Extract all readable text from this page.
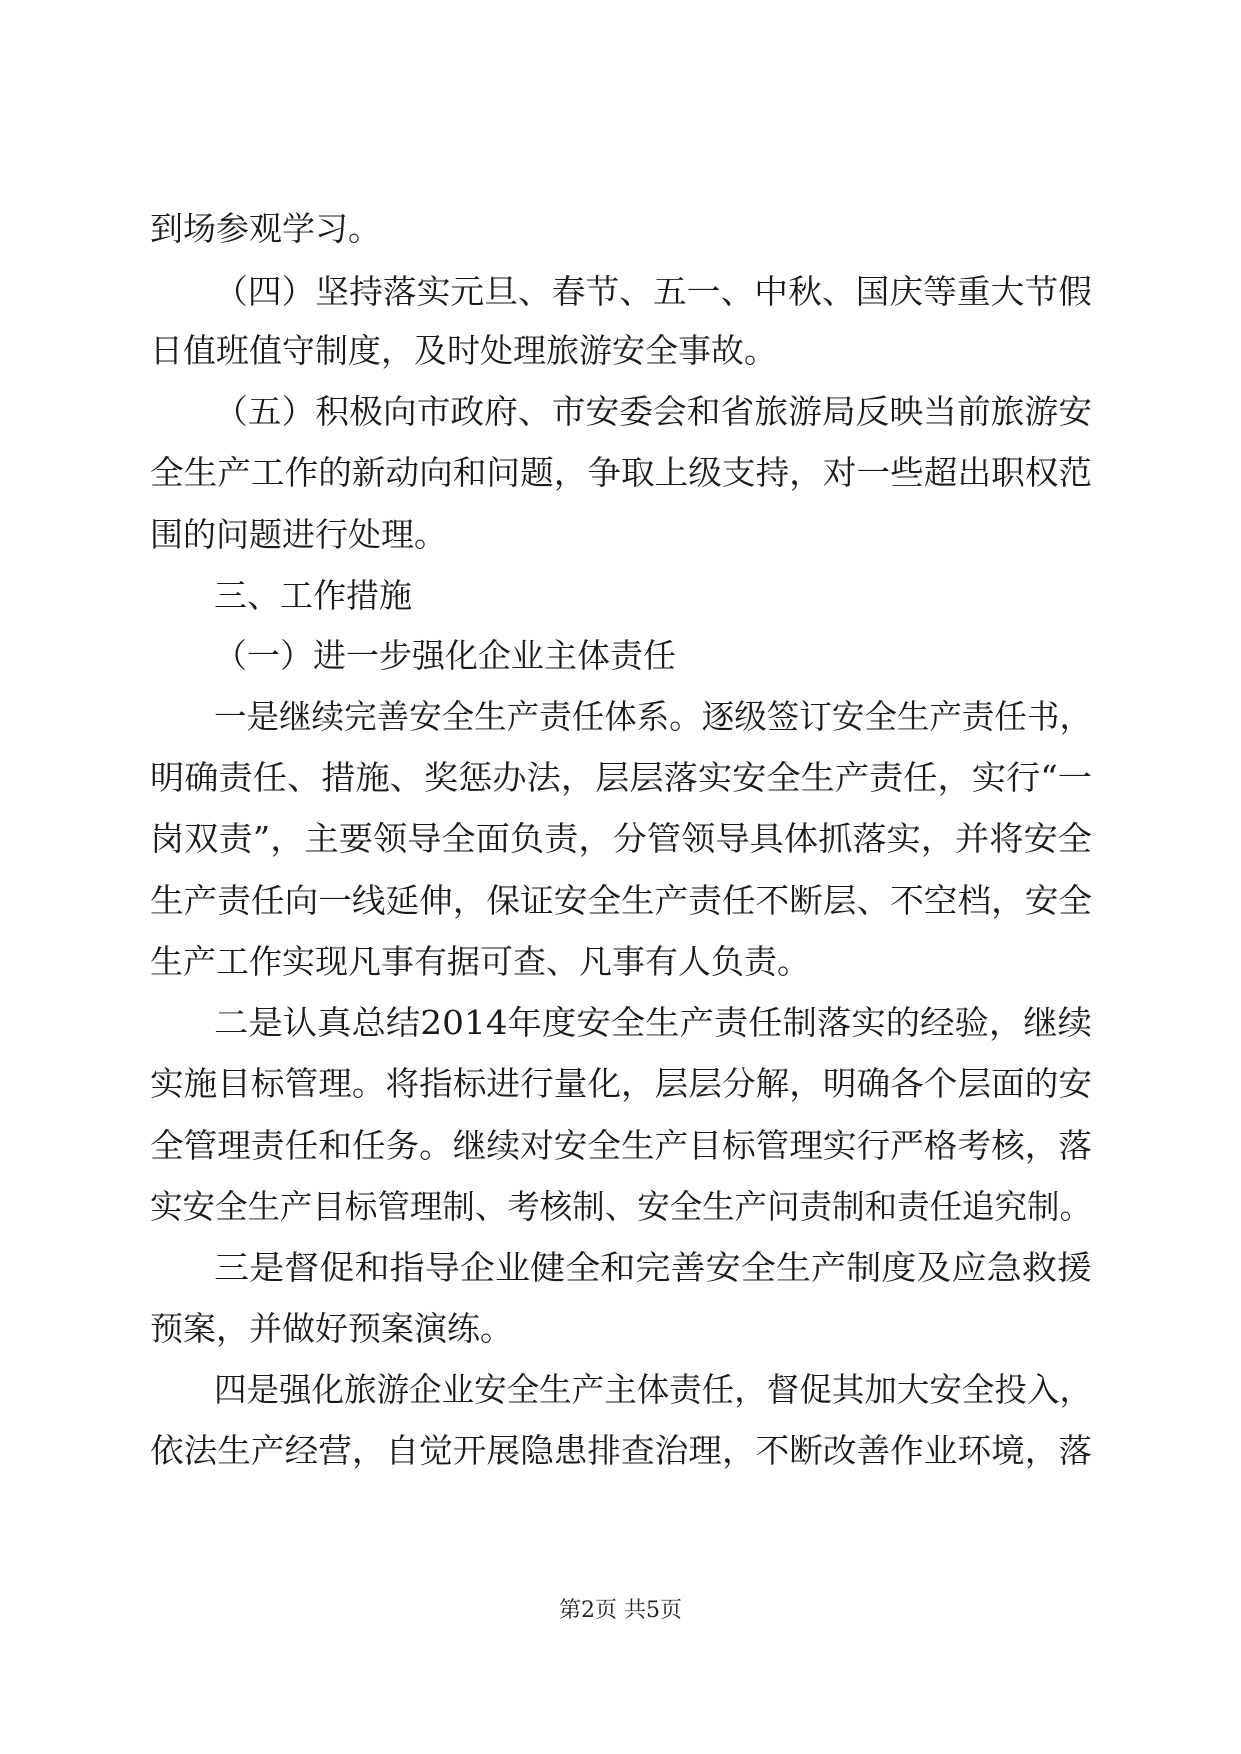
到场参观学习。
（四）坚持落实元旦、春节、五一、中秋、国庆等重大节假
日值班值守制度，及时处理旅游安全事故。
（五）积极向市政府、市安委会和省旅游局反映当前旅游安
全生产工作的新动向和问题，争取上级支持，对一些超出职权范
围的问题进行处理。
三、工作措施
（一）进一步强化企业主体责任
一是继续完善安全生产责任体系。逐级签订安全生产责任书，
明确责任、措施、奖惩办法，层层落实安全生产责任，实行“一
岗双责”，主要领导全面负责，分管领导具体抓落实，并将安全
生产责任向一线延伸，保证安全生产责任不断层、不空档，安全
生产工作实现凡事有据可查、凡事有人负责。
二是认真总结2014年度安全生产责任制落实的经验，继续
实施目标管理。将指标进行量化，层层分解，明确各个层面的安
全管理责任和任务。继续对安全生产目标管理实行严格考核，落
实安全生产目标管理制、考核制、安全生产问责制和责任追究制。
三是督促和指导企业健全和完善安全生产制度及应急救援
预案，并做好预案演练。
四是强化旅游企业安全生产主体责任，督促其加大安全投入，
依法生产经营，自觉开展隐患排查治理，不断改善作业环境，落
第2页 共5页
